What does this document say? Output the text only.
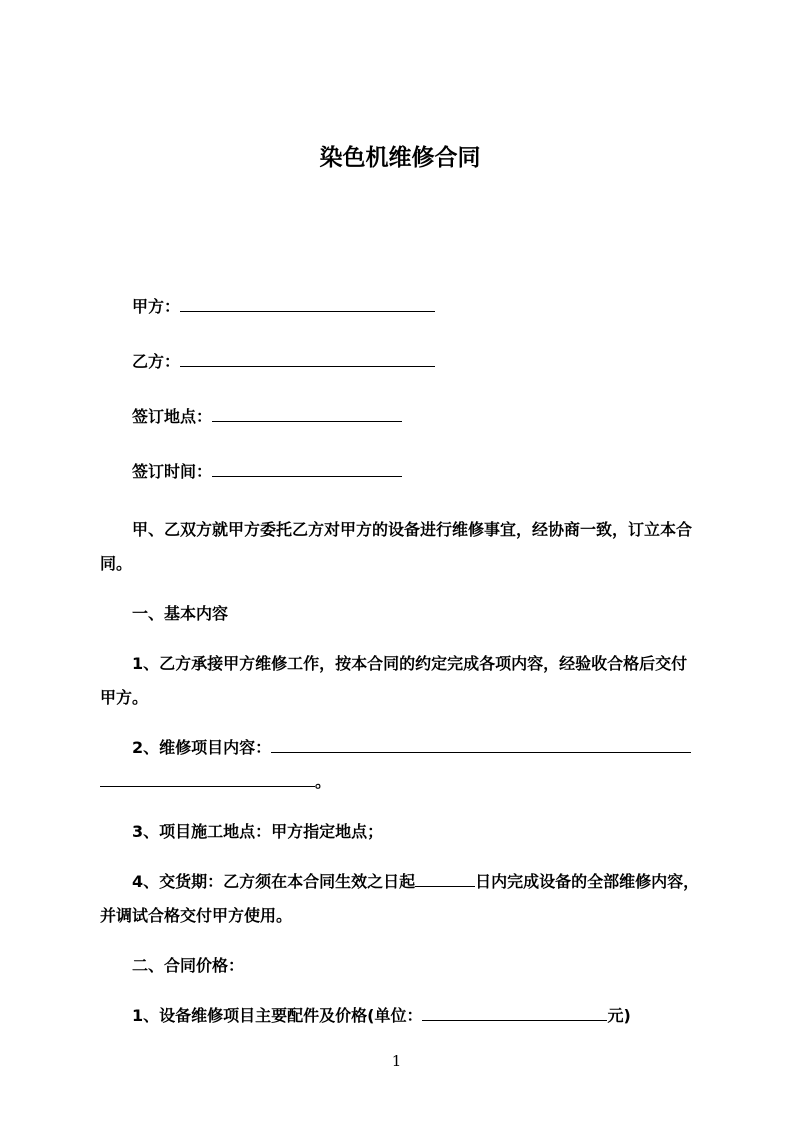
染色机维修合同
甲方：
乙方：
签订地点：
签订时间：

甲、乙双方就甲方委托乙方对甲方的设备进行维修事宜，经协商一致，订立本合同。

一、基本内容

1、乙方承接甲方维修工作，按本合同的约定完成各项内容，经验收合格后交付甲方。

2、维修项目内容：
。

3、项目施工地点：甲方指定地点；

4、交货期：乙方须在本合同生效之日起	日内完成设备的全部维修内容，并调试合格交付甲方使用。

二、合同价格：

1、设备维修项目主要配件及价格(单位：	元)

1
